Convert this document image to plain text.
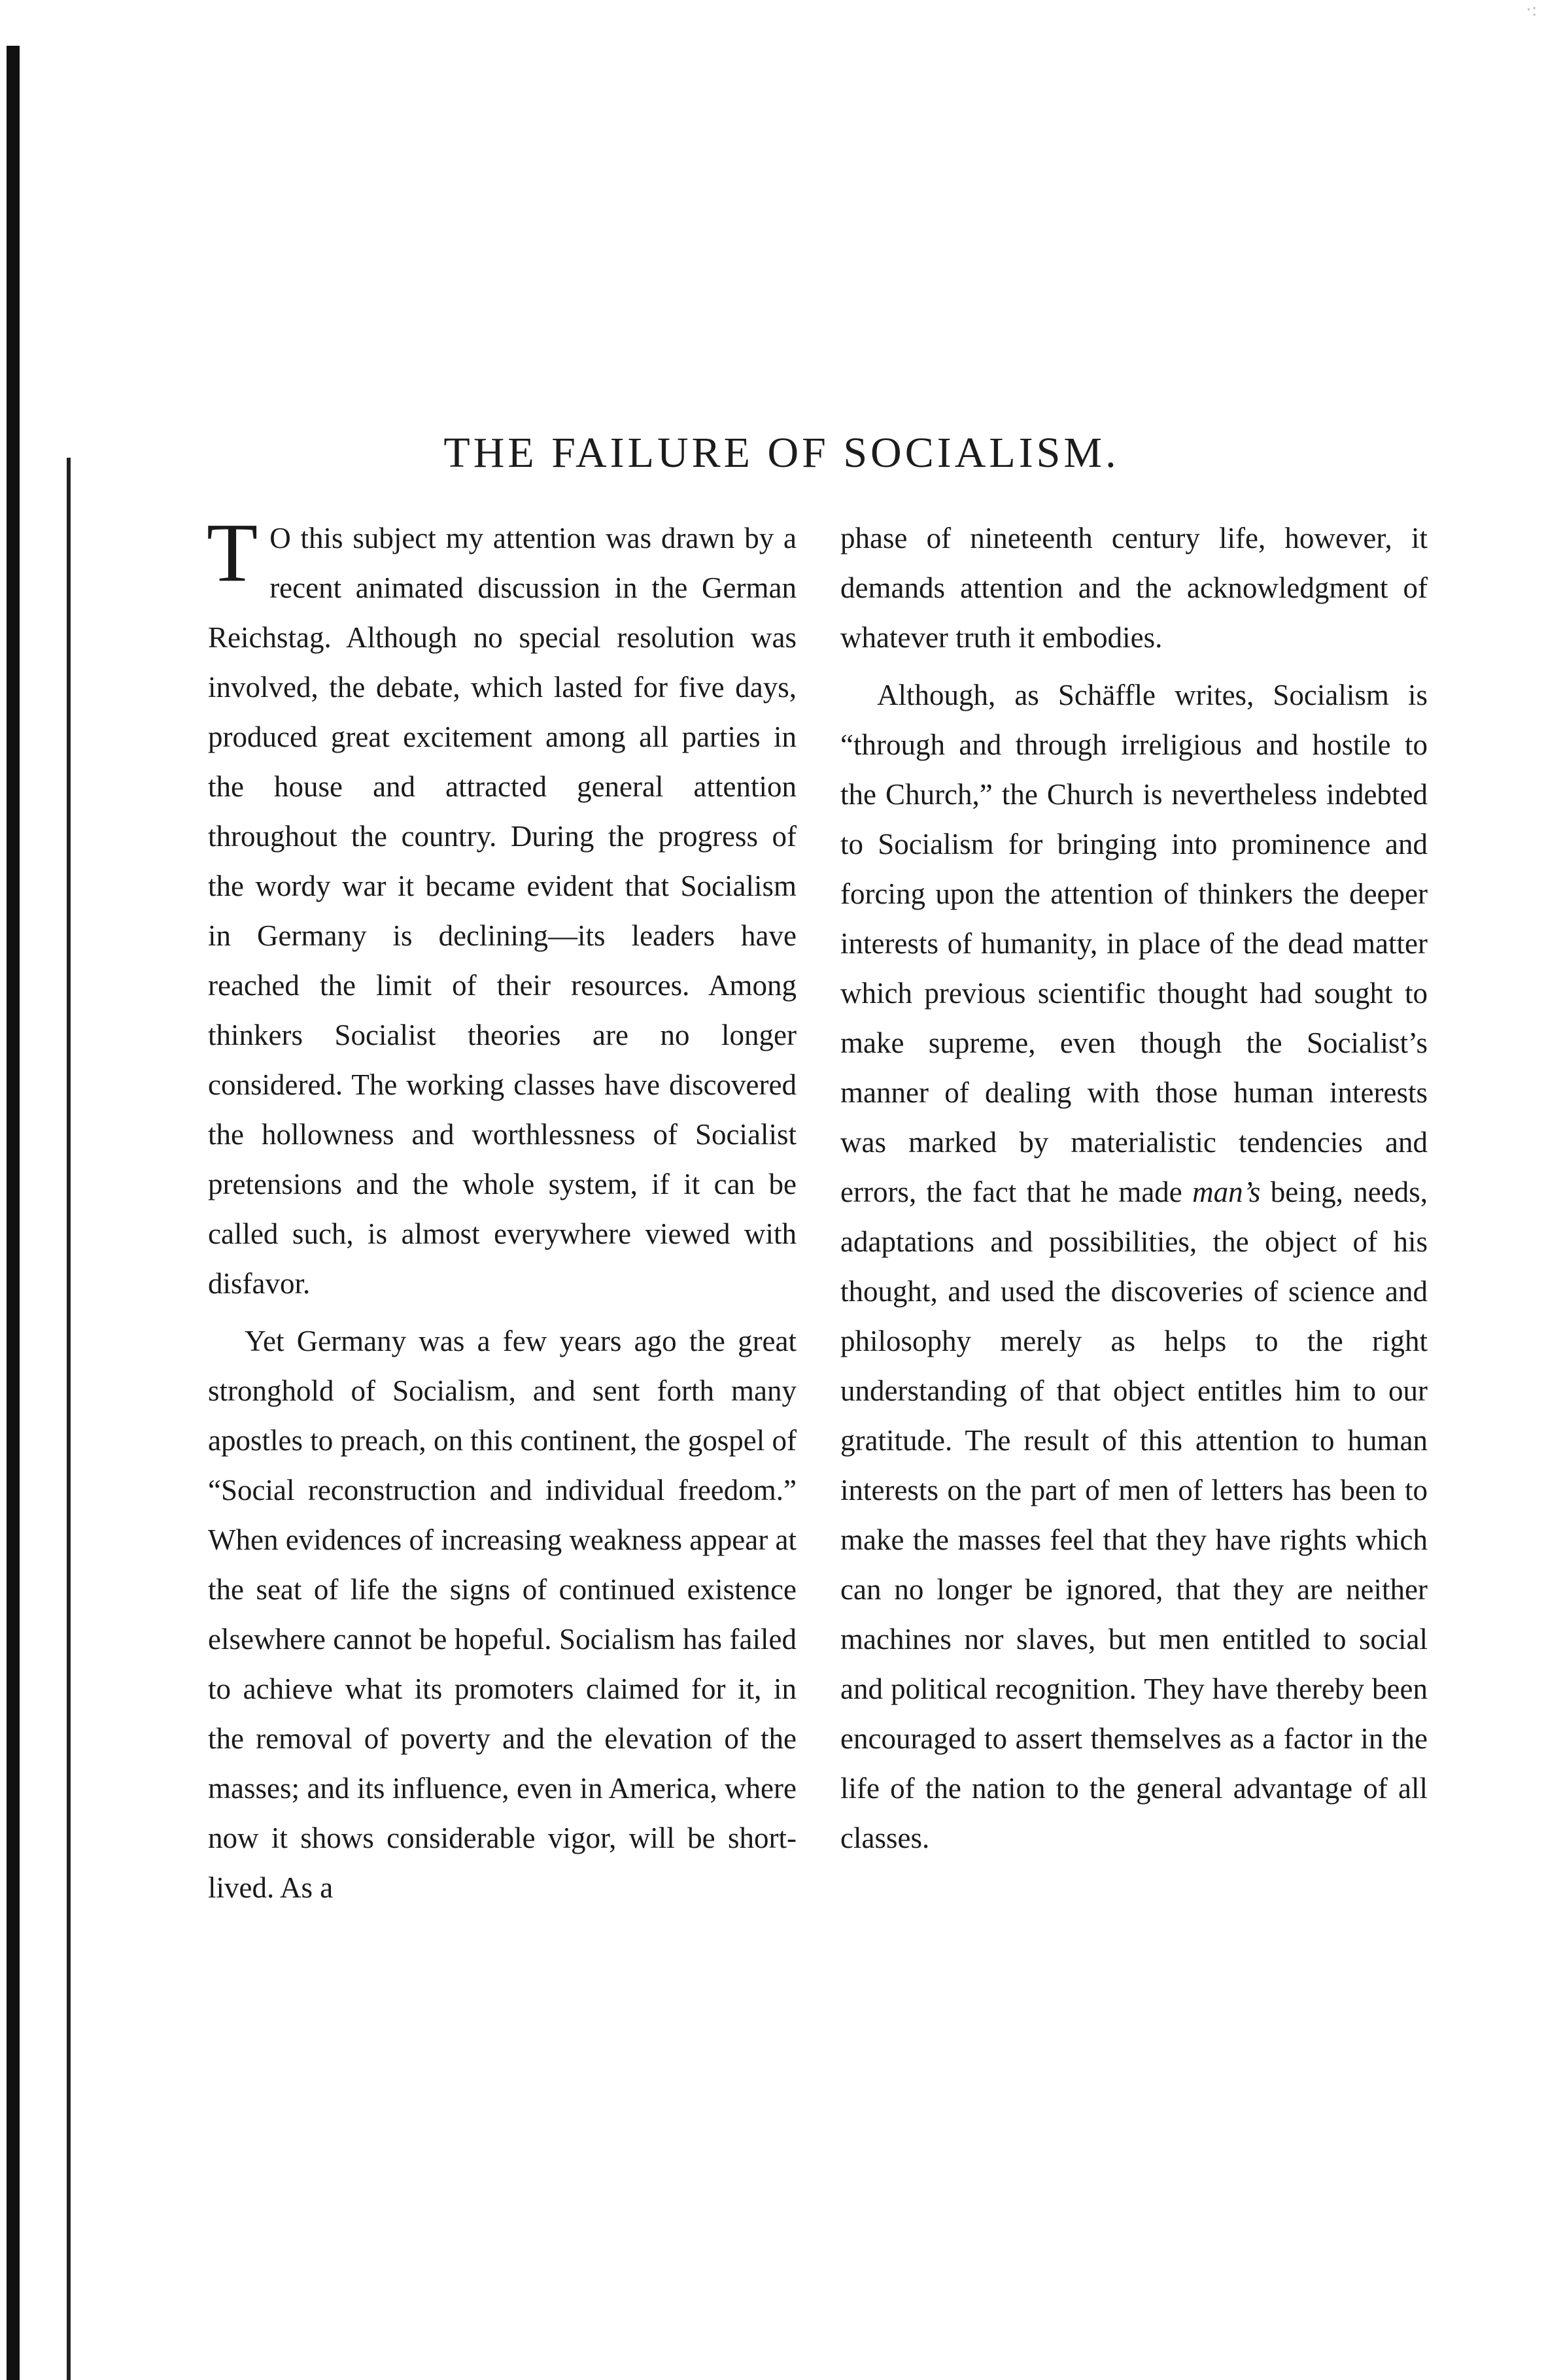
·:
THE FAILURE OF SOCIALISM.

T O this subject my attention was drawn by a recent animated discussion in the German Reichstag. Although no special resolution was involved, the debate, which lasted for five days, produced great excitement among all parties in the house and attracted general attention throughout the country. During the progress of the wordy war it became evident that Socialism in Germany is declining—its leaders have reached the limit of their resources. Among thinkers Socialist theories are no longer considered. The working classes have discovered the hollowness and worthlessness of Socialist pretensions and the whole system, if it can be called such, is almost everywhere viewed with disfavor.

Yet Germany was a few years ago the great stronghold of Socialism, and sent forth many apostles to preach, on this continent, the gospel of “Social reconstruction and individual freedom.” When evidences of increasing weakness appear at the seat of life the signs of continued existence elsewhere cannot be hopeful. Socialism has failed to achieve what its promoters claimed for it, in the removal of poverty and the elevation of the masses; and its influence, even in America, where now it shows considerable vigor, will be short-lived. As a

phase of nineteenth century life, however, it demands attention and the acknowledgment of whatever truth it embodies.

Although, as Schäffle writes, Socialism is “through and through irreligious and hostile to the Church,” the Church is nevertheless indebted to Socialism for bringing into prominence and forcing upon the attention of thinkers the deeper interests of humanity, in place of the dead matter which previous scientific thought had sought to make supreme, even though the Socialist’s manner of dealing with those human interests was marked by materialistic tendencies and errors, the fact that he made man’s being, needs, adaptations and possibilities, the object of his thought, and used the discoveries of science and philosophy merely as helps to the right understanding of that object entitles him to our gratitude. The result of this attention to human interests on the part of men of letters has been to make the masses feel that they have rights which can no longer be ignored, that they are neither machines nor slaves, but men entitled to social and political recognition. They have thereby been encouraged to assert themselves as a factor in the life of the nation to the general advantage of all classes.
